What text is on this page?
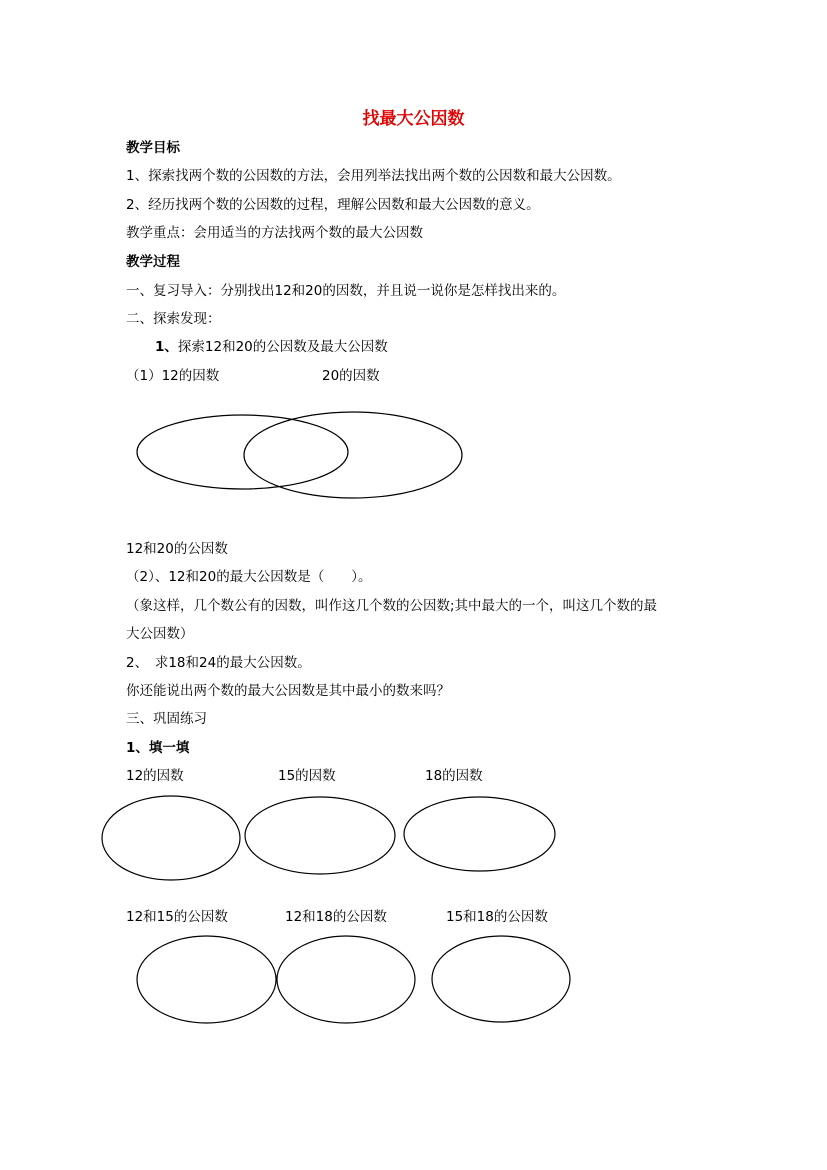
找最大公因数
教学目标
1、探索找两个数的公因数的方法，会用列举法找出两个数的公因数和最大公因数。
2、经历找两个数的公因数的过程，理解公因数和最大公因数的意义。
教学重点：会用适当的方法找两个数的最大公因数
教学过程
一、复习导入：分别找出12和20的因数，并且说一说你是怎样找出来的。
二、探索发现：
1、探索12和20的公因数及最大公因数
（1）12的因数	20的因数
12和20的公因数
（2）、12和20的最大公因数是（　　）。
（象这样，几个数公有的因数，叫作这几个数的公因数;其中最大的一个，叫这几个数的最
大公因数）
2、　求18和24的最大公因数。
你还能说出两个数的最大公因数是其中最小的数来吗？
三、巩固练习
1、填一填
12的因数	15的因数	18的因数
12和15的公因数	12和18的公因数	15和18的公因数
